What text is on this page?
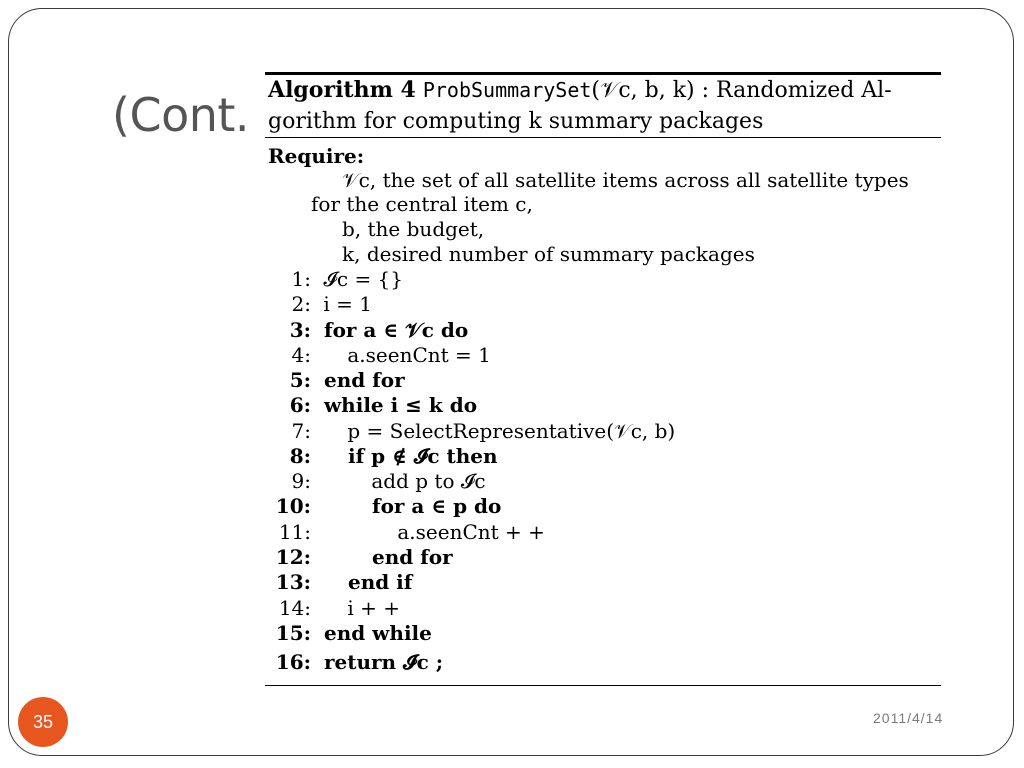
(Cont. Algorithm 4 ProbSummarySet(𝒱c, b, k) : Randomized Al-
gorithm for computing k summary packages
Require:
𝒱c, the set of all satellite items across all satellite types
for the central item c,
b, the budget,
k, desired number of summary packages
1: 𝓘c = {}
2: i = 1
3: for a ∈ 𝒱c do
4: a.seenCnt = 1
5: end for
6: while i ≤ k do
7: p = SelectRepresentative(𝒱c, b)
8: if p ∉ 𝓘c then
9:	add p to 𝓘c
10:	for a ∈ p do
11:	a.seenCnt + +
12:	end for
13: end if
14: i + +
15: end while
16: return 𝓘c ;
35	2011/4/14
